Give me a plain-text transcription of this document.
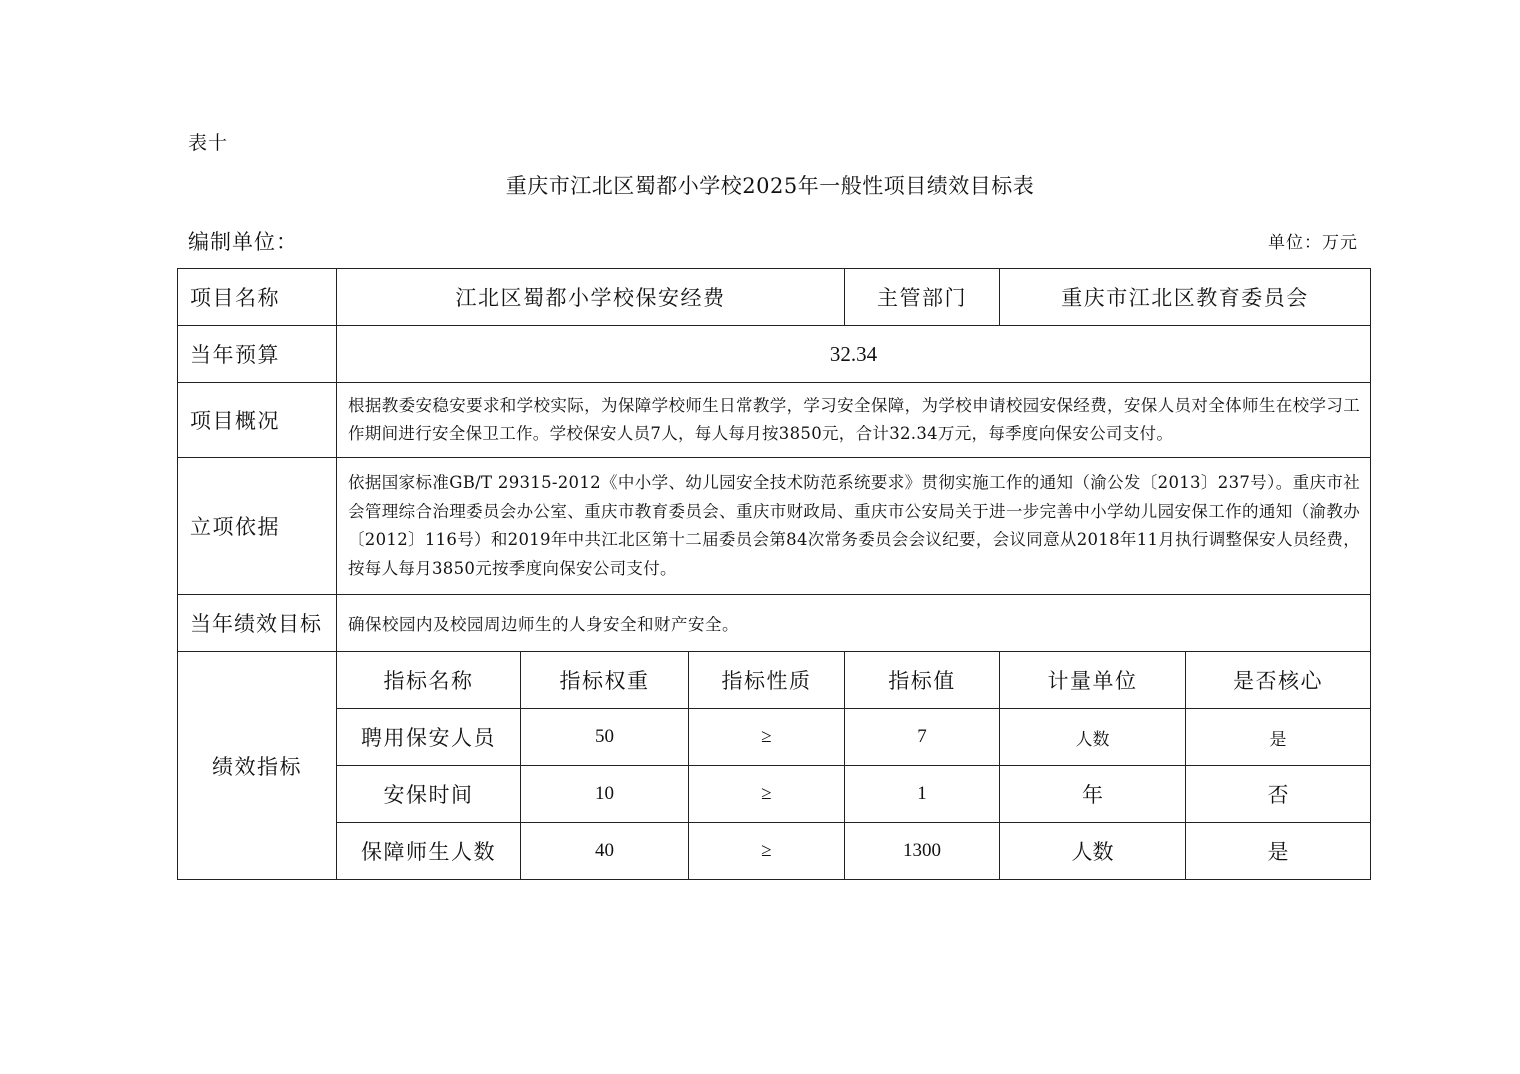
表十
重庆市江北区蜀都小学校2025年一般性项目绩效目标表
编制单位：	单位：万元
项目名称	江北区蜀都小学校保安经费			主管部门	重庆市江北区教育委员会	
当年预算	32.34					
项目概况	根据教委安稳安要求和学校实际，为保障学校师生日常教学，学习安全保障，为学校申请校园安保经费，安保人员对全体师生在校学习工作期间进行安全保卫工作。学校保安人员7人，每人每月按3850元，合计32.34万元，每季度向保安公司支付。					
立项依据	依据国家标准GB/T 29315-2012《中小学、幼儿园安全技术防范系统要求》贯彻实施工作的通知（渝公发〔2013〕237号）。重庆市社会管理综合治理委员会办公室、重庆市教育委员会、重庆市财政局、重庆市公安局关于进一步完善中小学幼儿园安保工作的通知（渝教办〔2012〕116号）和2019年中共江北区第十二届委员会第84次常务委员会会议纪要，会议同意从2018年11月执行调整保安人员经费，按每人每月3850元按季度向保安公司支付。					
当年绩效目标	确保校园内及校园周边师生的人身安全和财产安全。					
绩效指标	指标名称	指标权重	指标性质	指标值	计量单位	是否核心
	聘用保安人员	50	≥	7	人数	是
	安保时间	10	≥	1	年	否
	保障师生人数	40	≥	1300	人数	是
